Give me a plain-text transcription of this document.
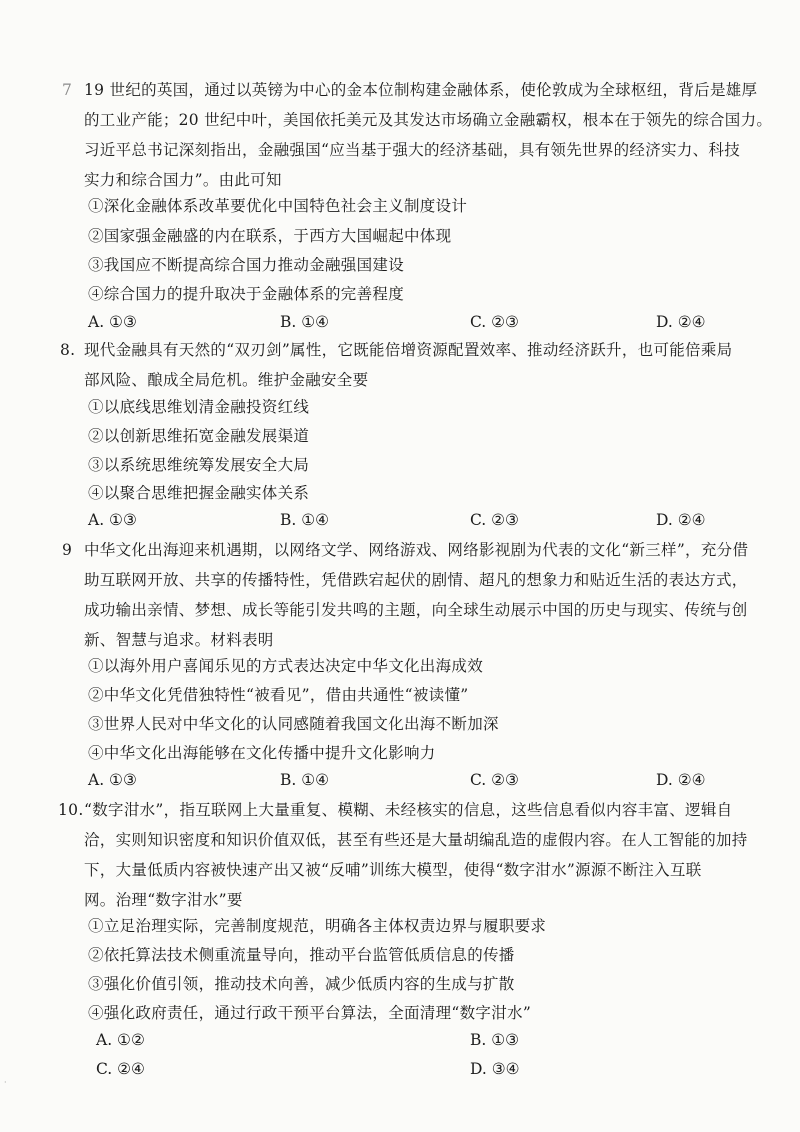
7 19 世纪的英国，通过以英镑为中心的金本位制构建金融体系，使伦敦成为全球枢纽，背后是雄厚
的工业产能；20 世纪中叶，美国依托美元及其发达市场确立金融霸权，根本在于领先的综合国力。
习近平总书记深刻指出，金融强国“应当基于强大的经济基础，具有领先世界的经济实力、科技
实力和综合国力”。由此可知
①深化金融体系改革要优化中国特色社会主义制度设计
②国家强金融盛的内在联系，于西方大国崛起中体现
③我国应不断提高综合国力推动金融强国建设
④综合国力的提升取决于金融体系的完善程度
A. ①③	B. ①④	C. ②③	D. ②④
8. 现代金融具有天然的“双刃剑”属性，它既能倍增资源配置效率、推动经济跃升，也可能倍乘局
部风险、酿成全局危机。维护金融安全要
①以底线思维划清金融投资红线
②以创新思维拓宽金融发展渠道
③以系统思维统筹发展安全大局
④以聚合思维把握金融实体关系
A. ①③	B. ①④	C. ②③	D. ②④
9 中华文化出海迎来机遇期，以网络文学、网络游戏、网络影视剧为代表的文化“新三样”，充分借
助互联网开放、共享的传播特性，凭借跌宕起伏的剧情、超凡的想象力和贴近生活的表达方式，
成功输出亲情、梦想、成长等能引发共鸣的主题，向全球生动展示中国的历史与现实、传统与创
新、智慧与追求。材料表明
①以海外用户喜闻乐见的方式表达决定中华文化出海成效
②中华文化凭借独特性“被看见”，借由共通性“被读懂”
③世界人民对中华文化的认同感随着我国文化出海不断加深
④中华文化出海能够在文化传播中提升文化影响力
A. ①③	B. ①④	C. ②③	D. ②④
10. “数字泔水”，指互联网上大量重复、模糊、未经核实的信息，这些信息看似内容丰富、逻辑自
洽，实则知识密度和知识价值双低，甚至有些还是大量胡编乱造的虚假内容。在人工智能的加持
下，大量低质内容被快速产出又被“反哺”训练大模型，使得“数字泔水”源源不断注入互联
网。治理“数字泔水”要
①立足治理实际，完善制度规范，明确各主体权责边界与履职要求
②依托算法技术侧重流量导向，推动平台监管低质信息的传播
③强化价值引领，推动技术向善，减少低质内容的生成与扩散
④强化政府责任，通过行政干预平台算法，全面清理“数字泔水”
A. ①②	B. ①③
C. ②④	D. ③④
·
